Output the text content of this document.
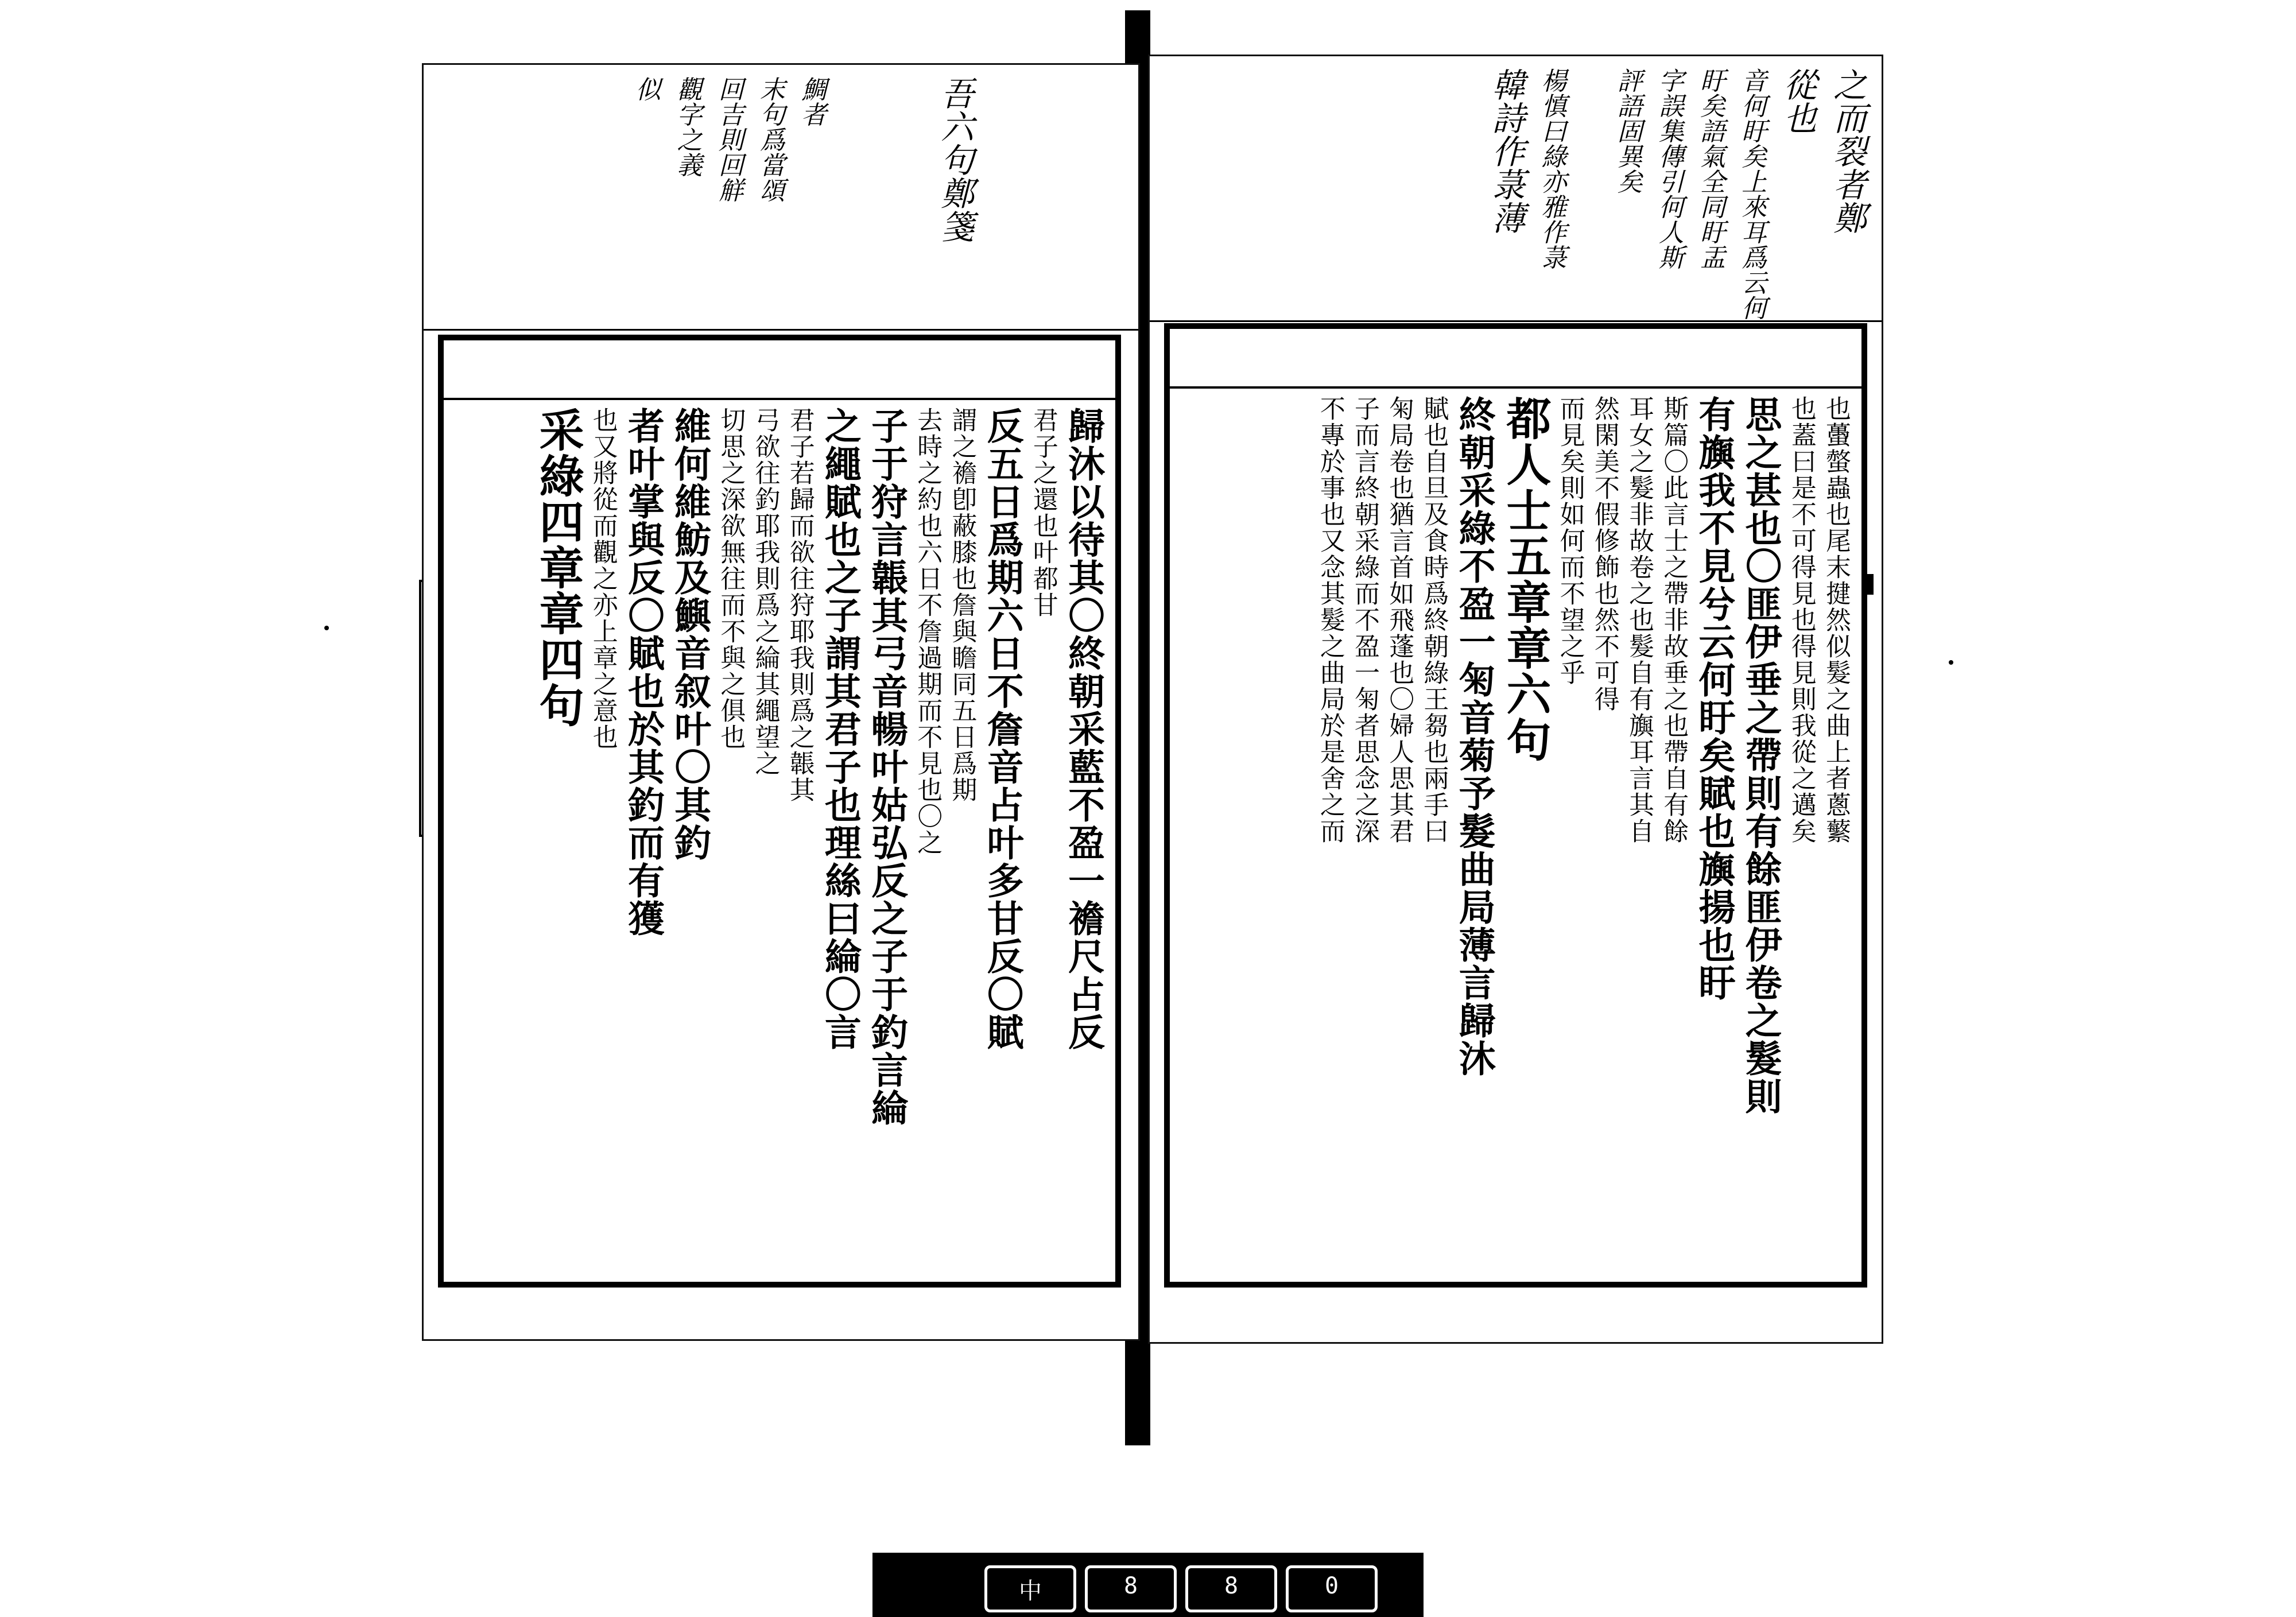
吾六句鄭箋
鯛者
末句爲當頌
回吉則回觧
觀字之義
似
歸沐以待其〇終朝采藍不盈一襜尺占反
君子之還也叶都甘
反五日爲期六日不詹音占叶多甘反〇賦
謂之襜卽蔽膝也詹與瞻同五日爲期
去時之約也六日不詹過期而不見也〇之
子于狩言韔其弓音暢叶姑弘反之子于釣言綸
之繩賦也之子謂其君子也理絲曰綸〇言
君子若歸而欲往狩耶我則爲之韔其
弓欲往釣耶我則爲之綸其繩望之
切思之深欲無往而不與之俱也
維何維魴及鱮音叙叶〇其釣
者叶掌與反〇賦也於其釣而有獲
也又將從而觀之亦上章之意也
采綠四章章四句
之而裂者鄭
從也
音何盱矣上來耳爲云何
盱矣語氣全同盱盂
字誤集傳引何人斯
評語固異矣
楊慎曰綠亦雅作菉
韓詩作菉薄
也蠆螫蟲也尾末揵然似髮之曲上者蔥蘩
也蓋曰是不可得見也得見則我從之邁矣
思之甚也〇匪伊垂之帶則有餘匪伊卷之髮則
有旟我不見兮云何盱矣賦也旟揚也盱
斯篇〇此言士之帶非故垂之也帶自有餘
耳女之髮非故卷之也髮自有旟耳言其自
然閑美不假修飾也然不可得
而見矣則如何而不望之乎
都人士五章章六句
終朝采綠不盈一匊音菊予髮曲局薄言歸沐
賦也自旦及食時爲終朝綠王芻也兩手曰
匊局卷也猶言首如飛蓬也〇婦人思其君
子而言終朝采綠而不盈一匊者思念之深
不專於事也又念其髮之曲局於是舍之而
中	8	8	0
